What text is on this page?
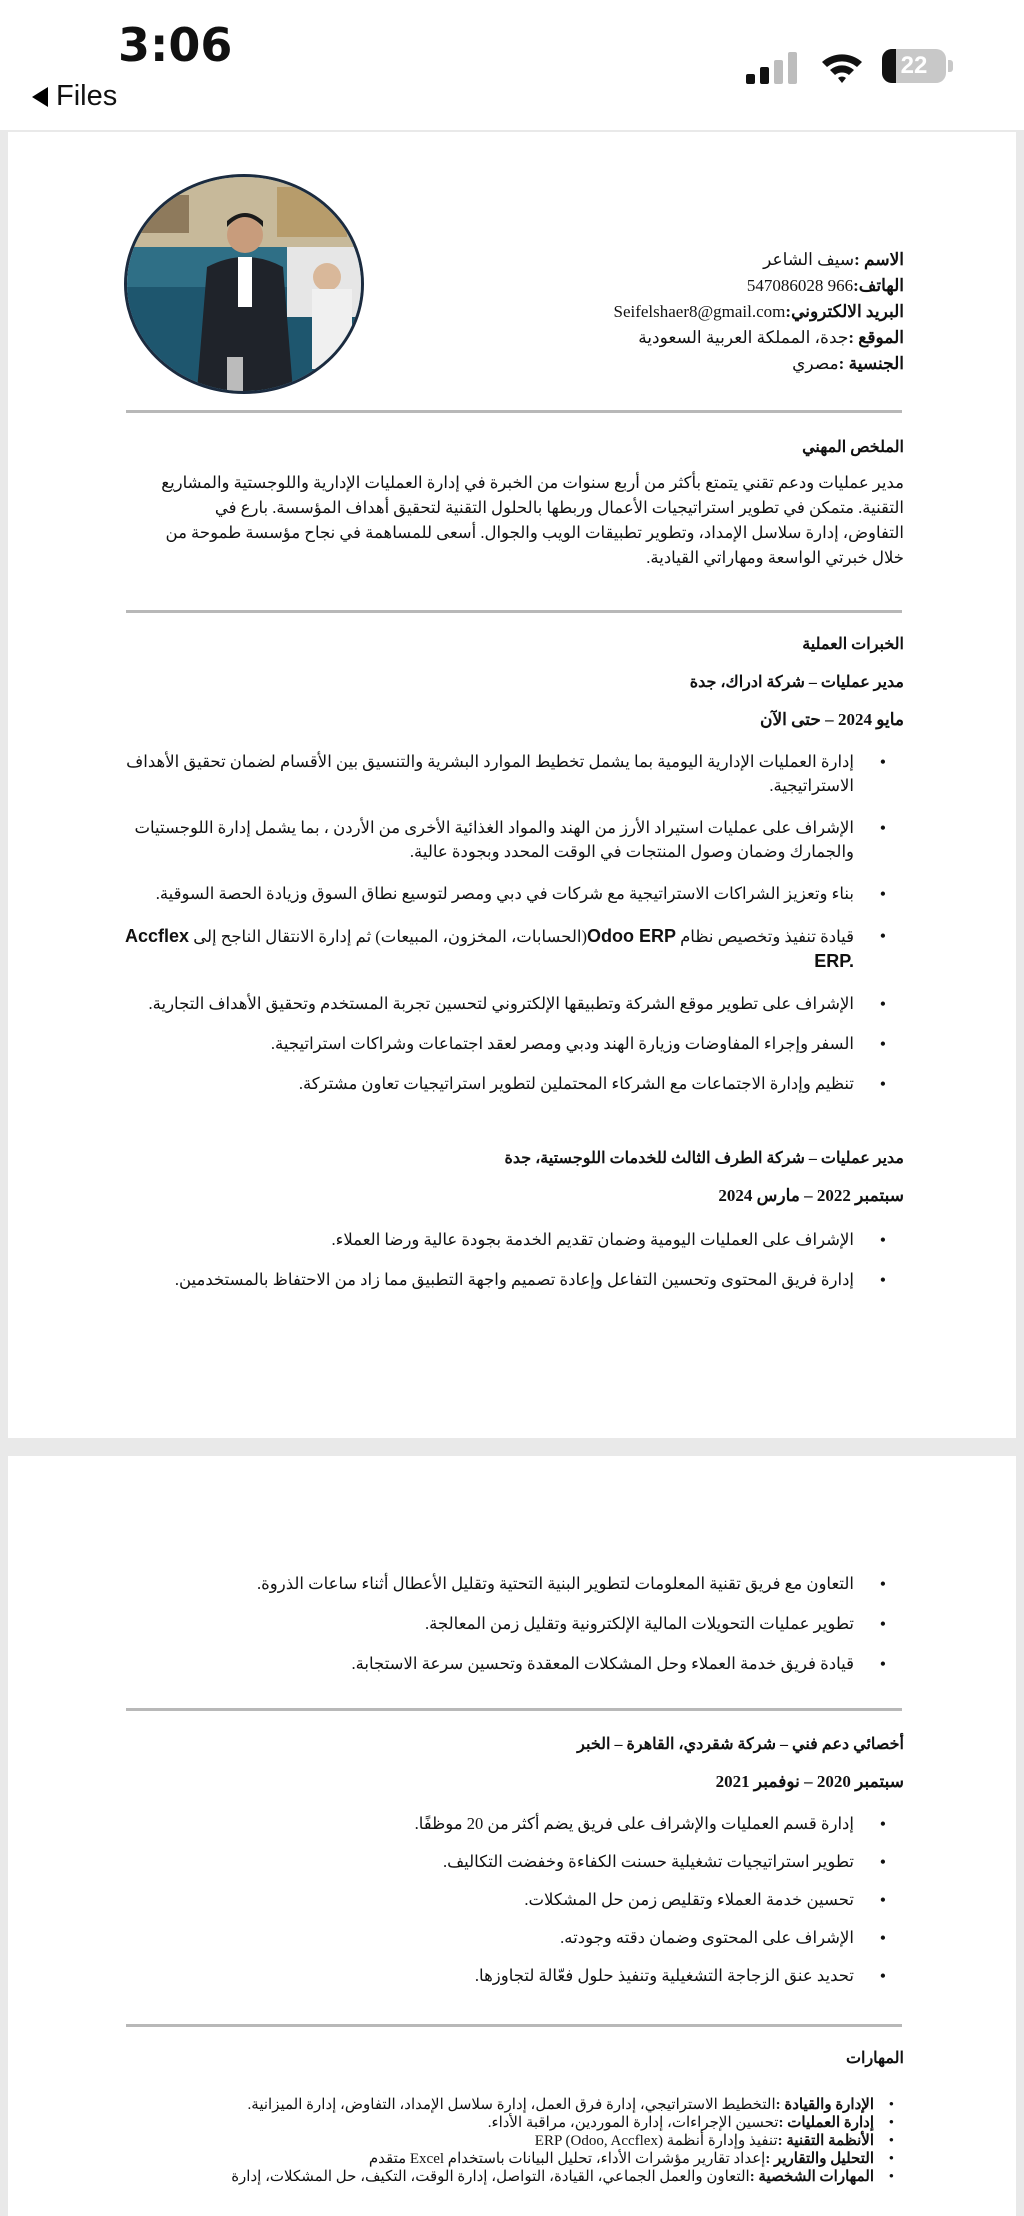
3:06
Files
22
الاسم :سيف الشاعر
الهاتف:966 547086028
البريد الالكتروني:Seifelshaer8@gmail.com
الموقع :جدة، المملكة العربية السعودية
الجنسية :مصري
الملخص المهني
مدير عمليات ودعم تقني يتمتع بأكثر من أربع سنوات من الخبرة في إدارة العمليات الإدارية واللوجستية والمشاريع التقنية. متمكن في تطوير استراتيجيات الأعمال وربطها بالحلول التقنية لتحقيق أهداف المؤسسة. بارع في التفاوض، إدارة سلاسل الإمداد، وتطوير تطبيقات الويب والجوال. أسعى للمساهمة في نجاح مؤسسة طموحة من خلال خبرتي الواسعة ومهاراتي القيادية.
الخبرات العملية
مدير عمليات – شركة ادراك، جدة
مايو 2024 – حتى الآن
• إدارة العمليات الإدارية اليومية بما يشمل تخطيط الموارد البشرية والتنسيق بين الأقسام لضمان تحقيق الأهداف الاستراتيجية.
• الإشراف على عمليات استيراد الأرز من الهند والمواد الغذائية الأخرى من الأردن ، بما يشمل إدارة اللوجستيات والجمارك وضمان وصول المنتجات في الوقت المحدد وبجودة عالية.
• بناء وتعزيز الشراكات الاستراتيجية مع شركات في دبي ومصر لتوسيع نطاق السوق وزيادة الحصة السوقية.
• قيادة تنفيذ وتخصيص نظام Odoo ERP(الحسابات، المخزون، المبيعات) ثم إدارة الانتقال الناجح إلى Accflex ERP.
• الإشراف على تطوير موقع الشركة وتطبيقها الإلكتروني لتحسين تجربة المستخدم وتحقيق الأهداف التجارية.
• السفر وإجراء المفاوضات وزيارة الهند ودبي ومصر لعقد اجتماعات وشراكات استراتيجية.
• تنظيم وإدارة الاجتماعات مع الشركاء المحتملين لتطوير استراتيجيات تعاون مشتركة.
مدير عمليات – شركة الطرف الثالث للخدمات اللوجستية، جدة
سبتمبر 2022 – مارس 2024
• الإشراف على العمليات اليومية وضمان تقديم الخدمة بجودة عالية ورضا العملاء.
• إدارة فريق المحتوى وتحسين التفاعل وإعادة تصميم واجهة التطبيق مما زاد من الاحتفاظ بالمستخدمين.
• التعاون مع فريق تقنية المعلومات لتطوير البنية التحتية وتقليل الأعطال أثناء ساعات الذروة.
• تطوير عمليات التحويلات المالية الإلكترونية وتقليل زمن المعالجة.
• قيادة فريق خدمة العملاء وحل المشكلات المعقدة وتحسين سرعة الاستجابة.
أخصائي دعم فني – شركة شقردي، القاهرة – الخبر
سبتمبر 2020 – نوفمبر 2021
• إدارة قسم العمليات والإشراف على فريق يضم أكثر من 20 موظفًا.
• تطوير استراتيجيات تشغيلية حسنت الكفاءة وخفضت التكاليف.
• تحسين خدمة العملاء وتقليص زمن حل المشكلات.
• الإشراف على المحتوى وضمان دقته وجودته.
• تحديد عنق الزجاجة التشغيلية وتنفيذ حلول فعّالة لتجاوزها.
المهارات
• الإدارة والقيادة :التخطيط الاستراتيجي، إدارة فرق العمل، إدارة سلاسل الإمداد، التفاوض، إدارة الميزانية.
• إدارة العمليات :تحسين الإجراءات، إدارة الموردين، مراقبة الأداء.
• الأنظمة التقنية :تنفيذ وإدارة أنظمة ERP (Odoo, Accflex)
• التحليل والتقارير :إعداد تقارير مؤشرات الأداء، تحليل البيانات باستخدام Excel متقدم
• المهارات الشخصية :التعاون والعمل الجماعي، القيادة، التواصل، إدارة الوقت، التكيف، حل المشكلات، إدارة
